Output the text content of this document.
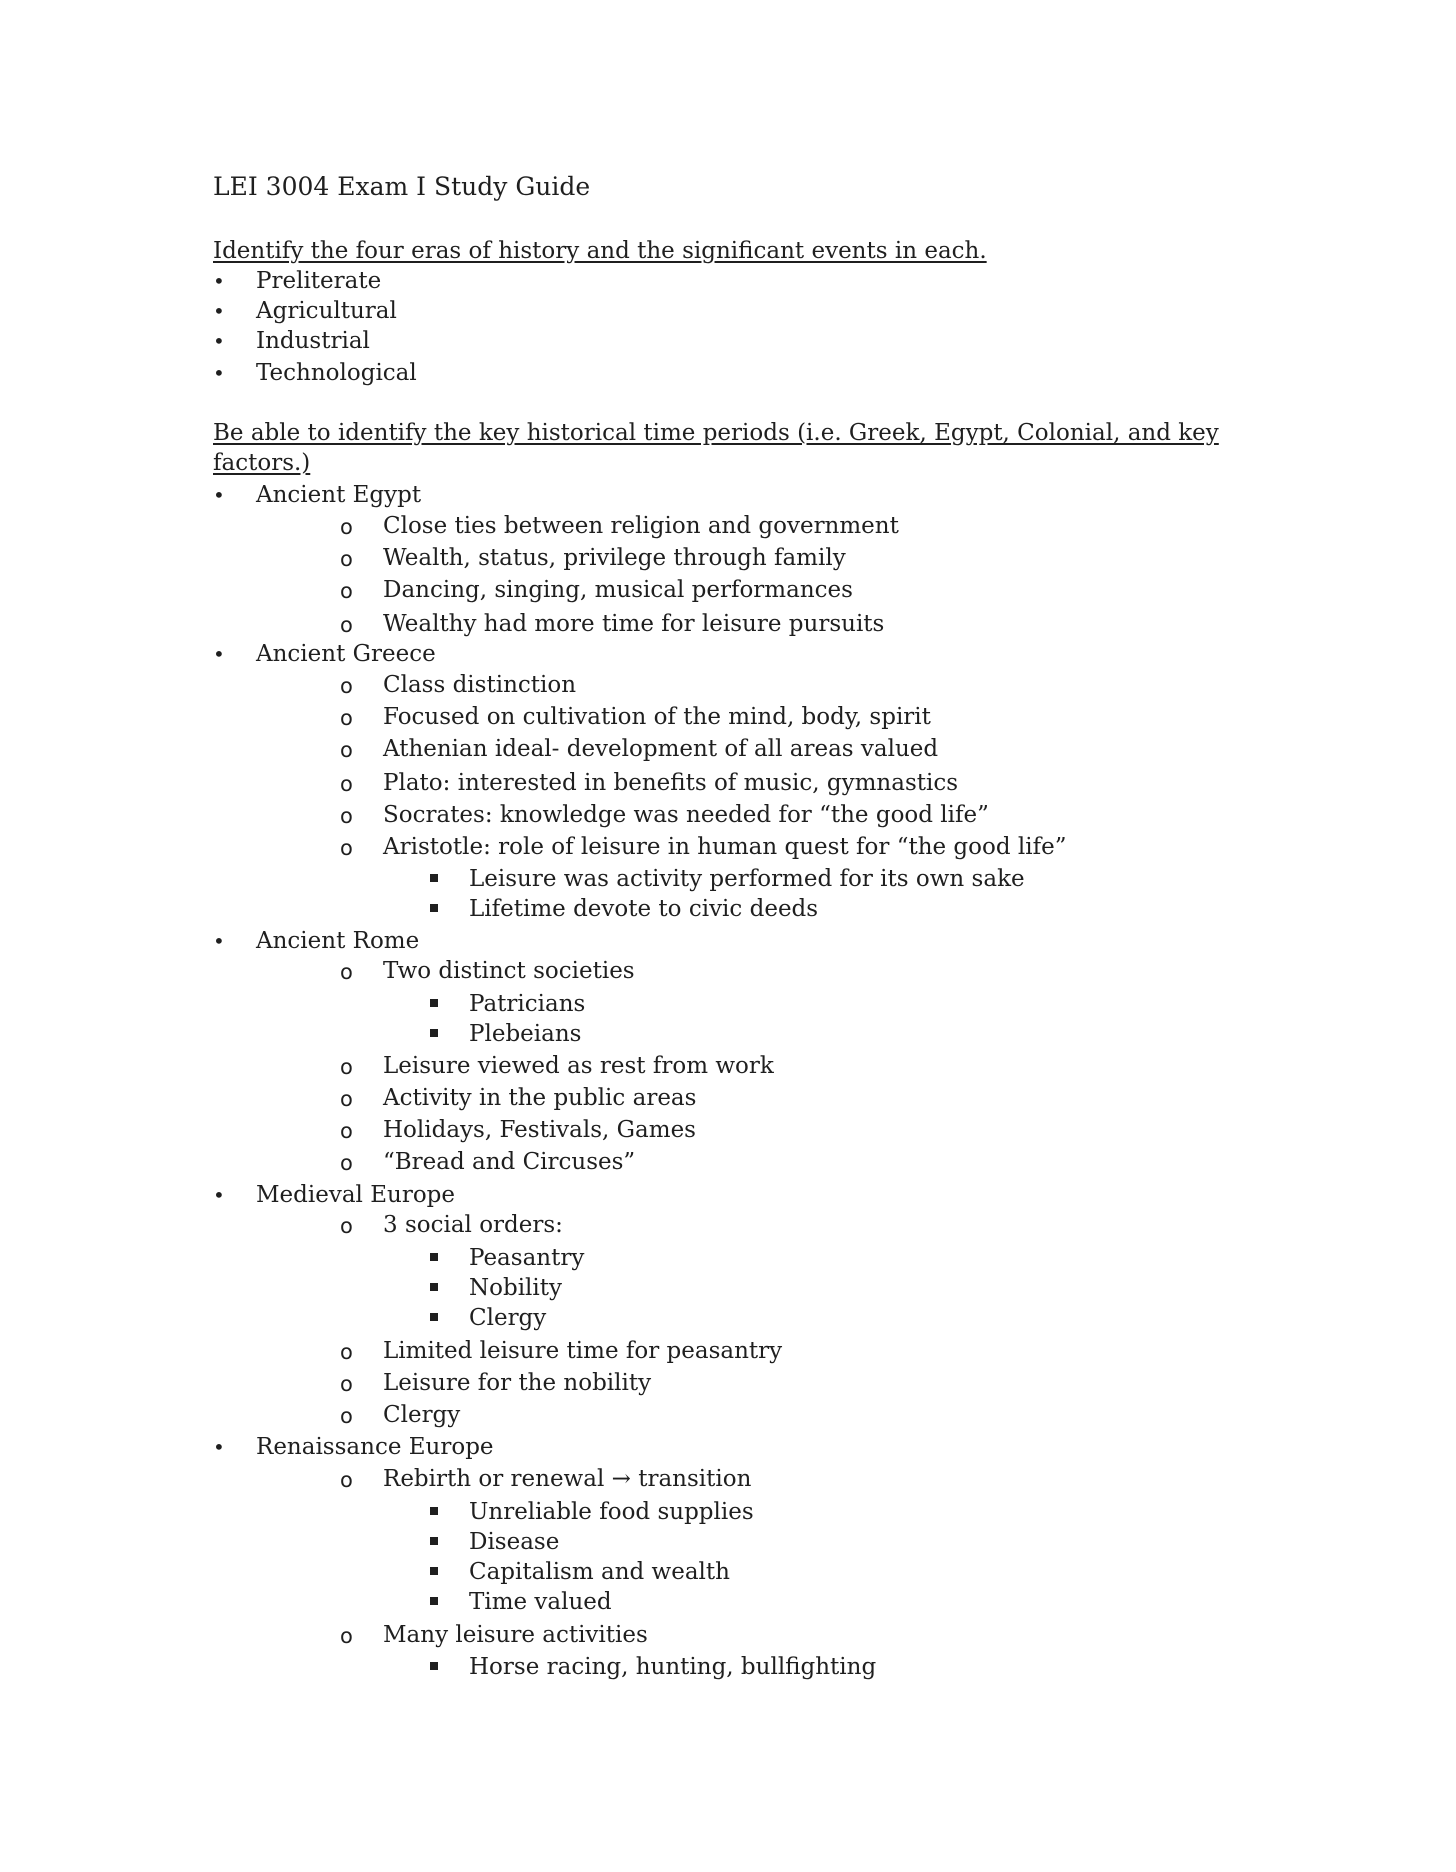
LEI 3004 Exam I Study Guide
Identify the four eras of history and the significant events in each.
• Preliterate
• Agricultural
• Industrial
• Technological
Be able to identify the key historical time periods (i.e. Greek, Egypt, Colonial, and key
factors.)
• Ancient Egypt
o Close ties between religion and government
o Wealth, status, privilege through family
o Dancing, singing, musical performances
o Wealthy had more time for leisure pursuits
• Ancient Greece
o Class distinction
o Focused on cultivation of the mind, body, spirit
o Athenian ideal- development of all areas valued
o Plato: interested in benefits of music, gymnastics
o Socrates: knowledge was needed for “the good life”
o Aristotle: role of leisure in human quest for “the good life”
Leisure was activity performed for its own sake
Lifetime devote to civic deeds
• Ancient Rome
o Two distinct societies
Patricians
Plebeians
o Leisure viewed as rest from work
o Activity in the public areas
o Holidays, Festivals, Games
o “Bread and Circuses”
• Medieval Europe
o 3 social orders:
Peasantry
Nobility
Clergy
o Limited leisure time for peasantry
o Leisure for the nobility
o Clergy
• Renaissance Europe
o Rebirth or renewal → transition
Unreliable food supplies
Disease
Capitalism and wealth
Time valued
o Many leisure activities
Horse racing, hunting, bullfighting
